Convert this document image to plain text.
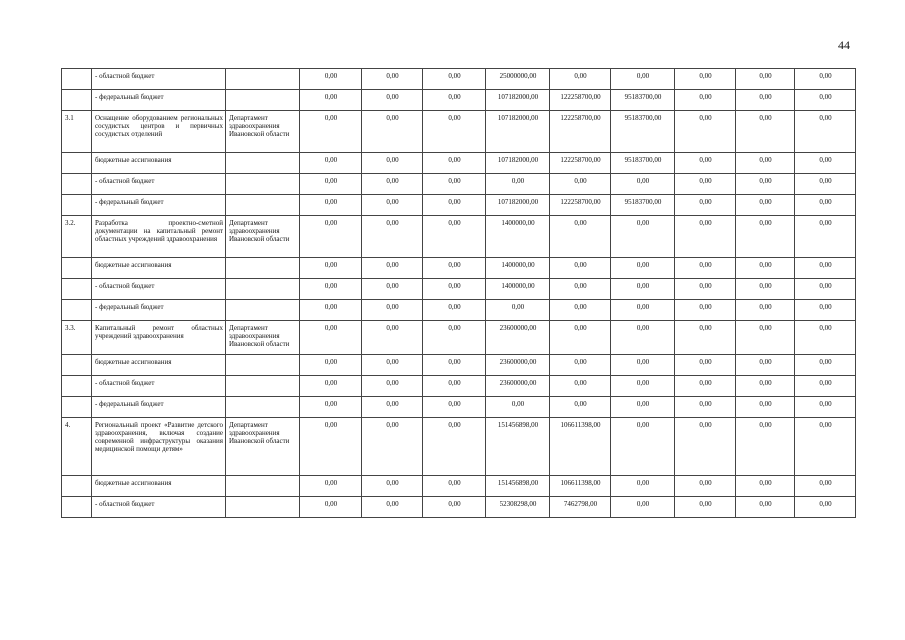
44
	- областной бюджет		0,00	0,00	0,00	25000000,00	0,00	0,00	0,00	0,00	0,00
	- федеральный бюджет		0,00	0,00	0,00	107182000,00	122258700,00	95183700,00	0,00	0,00	0,00
3.1	Оснащение оборудованием региональных сосудистых центров и первичных сосудистых отделений	Департамент здравоохранения Ивановской области	0,00	0,00	0,00	107182000,00	122258700,00	95183700,00	0,00	0,00	0,00
	бюджетные ассигнования		0,00	0,00	0,00	107182000,00	122258700,00	95183700,00	0,00	0,00	0,00
	- областной бюджет		0,00	0,00	0,00	0,00	0,00	0,00	0,00	0,00	0,00
	- федеральный бюджет		0,00	0,00	0,00	107182000,00	122258700,00	95183700,00	0,00	0,00	0,00
3.2.	Разработка проектно-сметной документации на капитальный ремонт областных учреждений здравоохранения	Департамент здравоохранения Ивановской области	0,00	0,00	0,00	1400000,00	0,00	0,00	0,00	0,00	0,00
	бюджетные ассигнования		0,00	0,00	0,00	1400000,00	0,00	0,00	0,00	0,00	0,00
	- областной бюджет		0,00	0,00	0,00	1400000,00	0,00	0,00	0,00	0,00	0,00
	- федеральный бюджет		0,00	0,00	0,00	0,00	0,00	0,00	0,00	0,00	0,00
3.3.	Капитальный ремонт областных учреждений здравоохранения	Департамент здравоохранения Ивановской области	0,00	0,00	0,00	23600000,00	0,00	0,00	0,00	0,00	0,00
	бюджетные ассигнования		0,00	0,00	0,00	23600000,00	0,00	0,00	0,00	0,00	0,00
	- областной бюджет		0,00	0,00	0,00	23600000,00	0,00	0,00	0,00	0,00	0,00
	- федеральный бюджет		0,00	0,00	0,00	0,00	0,00	0,00	0,00	0,00	0,00
4.	Региональный проект «Развитие детского здравоохранения, включая создание современной инфраструктуры оказания медицинской помощи детям»	Департамент здравоохранения Ивановской области	0,00	0,00	0,00	151456898,00	106611398,00	0,00	0,00	0,00	0,00
	бюджетные ассигнования		0,00	0,00	0,00	151456898,00	106611398,00	0,00	0,00	0,00	0,00
	- областной бюджет		0,00	0,00	0,00	52308298,00	7462798,00	0,00	0,00	0,00	0,00
